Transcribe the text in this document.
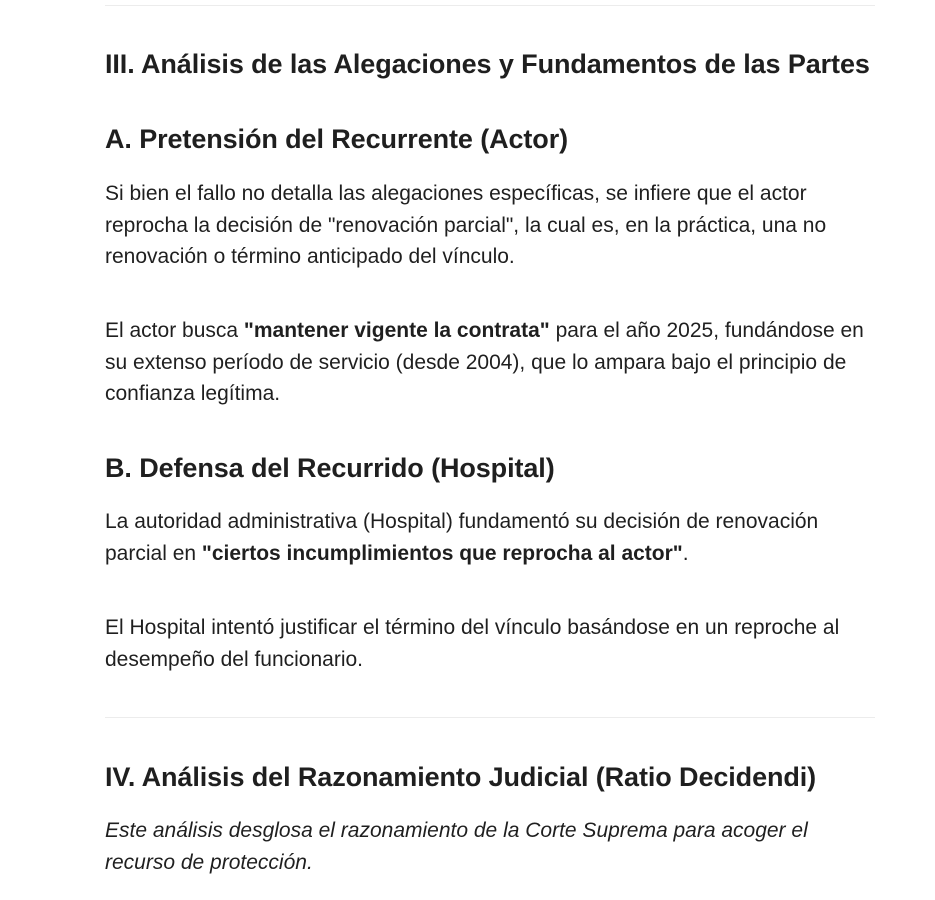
III. Análisis de las Alegaciones y Fundamentos de las Partes
A. Pretensión del Recurrente (Actor)

Si bien el fallo no detalla las alegaciones específicas, se infiere que el actor reprocha la decisión de "renovación parcial", la cual es, en la práctica, una no renovación o término anticipado del vínculo.

El actor busca "mantener vigente la contrata" para el año 2025, fundándose en su extenso período de servicio (desde 2004), que lo ampara bajo el principio de confianza legítima.

B. Defensa del Recurrido (Hospital)

La autoridad administrativa (Hospital) fundamentó su decisión de renovación parcial en "ciertos incumplimientos que reprocha al actor".

El Hospital intentó justificar el término del vínculo basándose en un reproche al desempeño del funcionario.

IV. Análisis del Razonamiento Judicial (Ratio Decidendi)

Este análisis desglosa el razonamiento de la Corte Suprema para acoger el recurso de protección.
